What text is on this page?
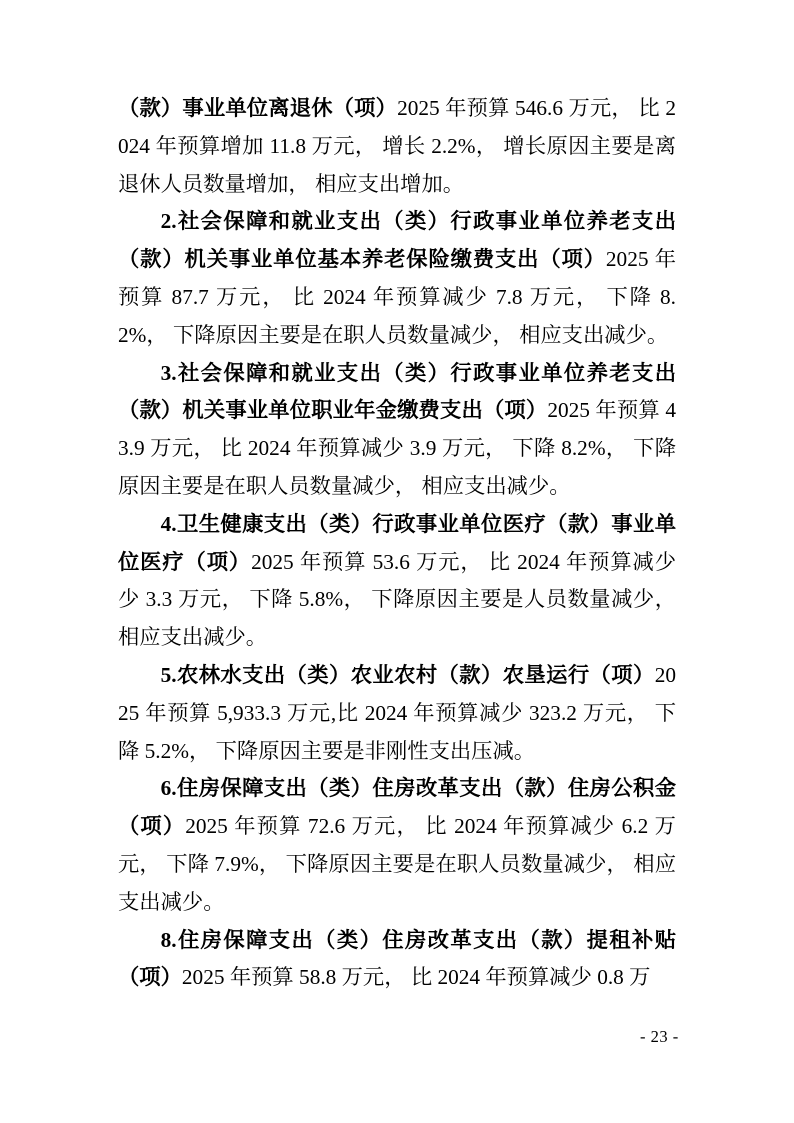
（款）事业单位离退休（项）2025 年预算 546.6 万元， 比 2024 年预算增加 11.8 万元， 增长 2.2%， 增长原因主要是离退休人员数量增加， 相应支出增加。

2.社会保障和就业支出（类）行政事业单位养老支出（款）机关事业单位基本养老保险缴费支出（项）2025 年预算 87.7 万元， 比 2024 年预算减少 7.8 万元， 下降 8.2%， 下降原因主要是在职人员数量减少， 相应支出减少。

3.社会保障和就业支出（类）行政事业单位养老支出（款）机关事业单位职业年金缴费支出（项）2025 年预算 43.9 万元， 比 2024 年预算减少 3.9 万元， 下降 8.2%， 下降原因主要是在职人员数量减少， 相应支出减少。

4.卫生健康支出（类）行政事业单位医疗（款）事业单位医疗（项）2025 年预算 53.6 万元， 比 2024 年预算减少少 3.3 万元， 下降 5.8%， 下降原因主要是人员数量减少， 相应支出减少。

5.农林水支出（类）农业农村（款）农垦运行（项）2025 年预算 5,933.3 万元,比 2024 年预算减少 323.2 万元， 下降 5.2%， 下降原因主要是非刚性支出压减。

6.住房保障支出（类）住房改革支出（款）住房公积金（项）2025 年预算 72.6 万元， 比 2024 年预算减少 6.2 万元， 下降 7.9%， 下降原因主要是在职人员数量减少， 相应支出减少。

8.住房保障支出（类）住房改革支出（款）提租补贴（项）2025 年预算 58.8 万元， 比 2024 年预算减少 0.8 万

- 23 -
